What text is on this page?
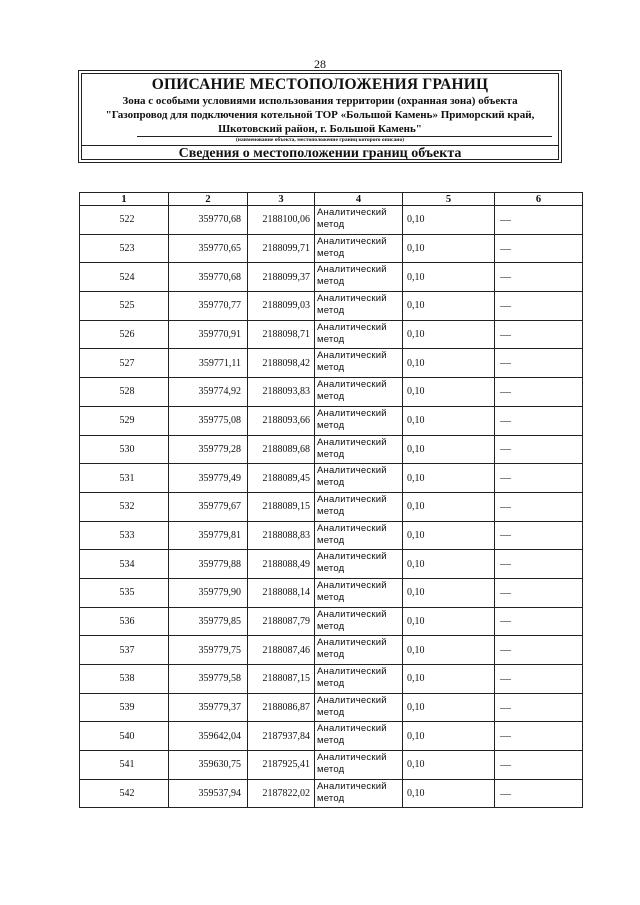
28
ОПИСАНИЕ МЕСТОПОЛОЖЕНИЯ ГРАНИЦ
Зона с особыми условиями использования территории (охранная зона) объекта
"Газопровод для подключения котельной ТОР «Большой Камень» Приморский край,
Шкотовский район, г. Большой Камень"
(наименование объекта, местоположение границ которого описано)
Сведения о местоположении границ объекта
1	2	3	4	5	6
522	359770,68	2188100,06	Аналитический метод	0,10	—
523	359770,65	2188099,71	Аналитический метод	0,10	—
524	359770,68	2188099,37	Аналитический метод	0,10	—
525	359770,77	2188099,03	Аналитический метод	0,10	—
526	359770,91	2188098,71	Аналитический метод	0,10	—
527	359771,11	2188098,42	Аналитический метод	0,10	—
528	359774,92	2188093,83	Аналитический метод	0,10	—
529	359775,08	2188093,66	Аналитический метод	0,10	—
530	359779,28	2188089,68	Аналитический метод	0,10	—
531	359779,49	2188089,45	Аналитический метод	0,10	—
532	359779,67	2188089,15	Аналитический метод	0,10	—
533	359779,81	2188088,83	Аналитический метод	0,10	—
534	359779,88	2188088,49	Аналитический метод	0,10	—
535	359779,90	2188088,14	Аналитический метод	0,10	—
536	359779,85	2188087,79	Аналитический метод	0,10	—
537	359779,75	2188087,46	Аналитический метод	0,10	—
538	359779,58	2188087,15	Аналитический метод	0,10	—
539	359779,37	2188086,87	Аналитический метод	0,10	—
540	359642,04	2187937,84	Аналитический метод	0,10	—
541	359630,75	2187925,41	Аналитический метод	0,10	—
542	359537,94	2187822,02	Аналитический метод	0,10	—
